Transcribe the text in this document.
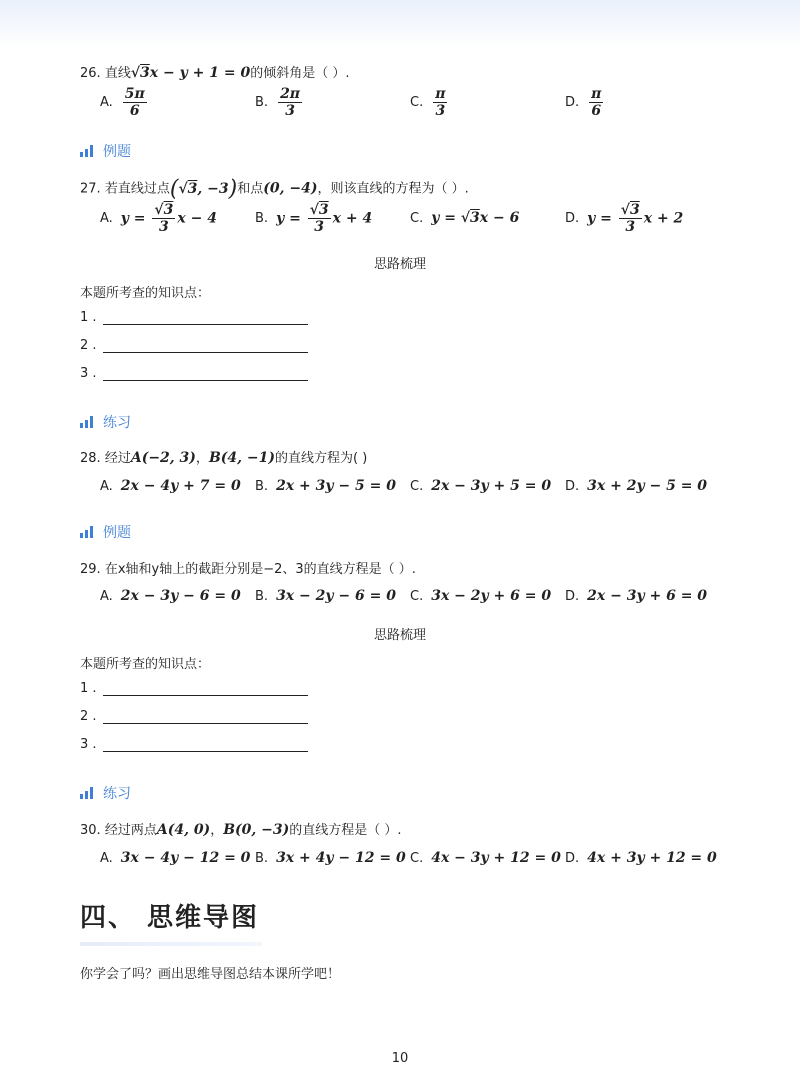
26. 直线√3x − y + 1 = 0的倾斜角是（ ）.
A. $\frac{5\pi}{6}$	B. $\frac{2\pi}{3}$	C. $\frac{\pi}{3}$	D. $\frac{\pi}{6}$
例题
27. 若直线过点(√3, −3)和点(0, −4)，则该直线的方程为（ ）.
A. $y = \frac{√3}{3}$ x − 4	B. $y = \frac{√3}{3}$ x + 4	C. y = √3x − 6	D. $y = \frac{√3}{3}$ x + 2
思路梳理
本题所考查的知识点：
1 .
2 .
3 .
练习
28. 经过A(−2, 3)，B(4, −1)的直线方程为( )
A. 2x − 4y + 7 = 0 B. 2x + 3y − 5 = 0 C. 2x − 3y + 5 = 0 D. 3x + 2y − 5 = 0
例题
29. 在x轴和y轴上的截距分别是−2、3的直线方程是（ ）.
A. 2x − 3y − 6 = 0 B. 3x − 2y − 6 = 0 C. 3x − 2y + 6 = 0 D. 2x − 3y + 6 = 0
思路梳理
本题所考查的知识点：
1 .
2 .
3 .
练习
30. 经过两点A(4, 0)，B(0, −3)的直线方程是（ ）.
A. 3x − 4y − 12 = 0 B. 3x + 4y − 12 = 0 C. 4x − 3y + 12 = 0 D. 4x + 3y + 12 = 0
四、 思维导图
你学会了吗？画出思维导图总结本课所学吧！
10
